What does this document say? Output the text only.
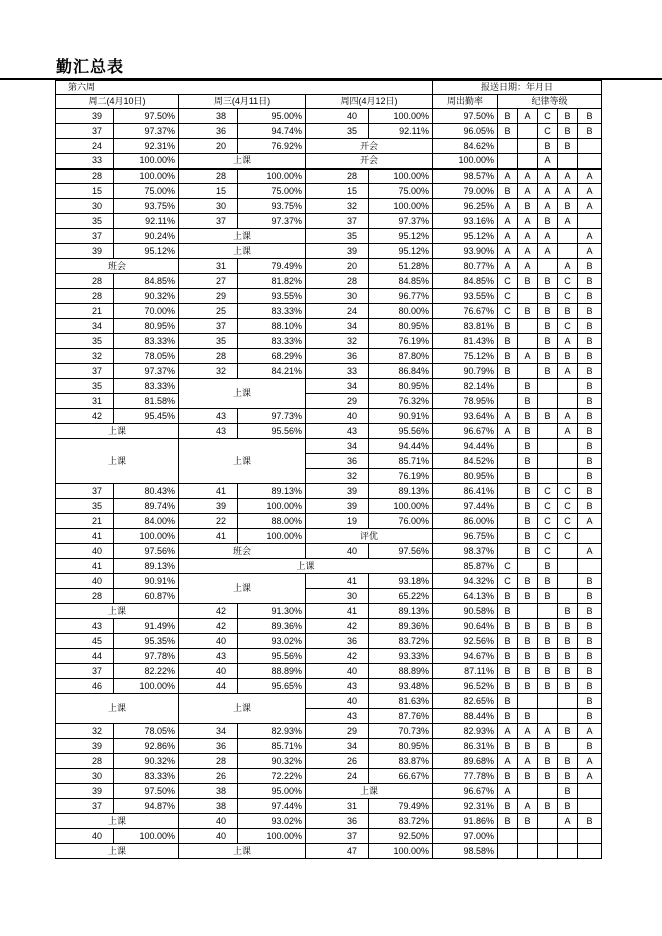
勤汇总表
第六周						报送日期：年月日					
周二(4月10日)		周三(4月11日)		周四(4月12日)		周出勤率	纪律等级				
39	97.50%	38	95.00%	40	100.00%	97.50%	B	A	C	B	B
37	97.37%	36	94.74%	35	92.11%	96.05%	B		C	B	B
24	92.31%	20	76.92%	开会		84.62%			B	B	
33	100.00%	上课		开会		100.00%			A		
28	100.00%	28	100.00%	28	100.00%	98.57%	A	A	A	A	A
15	75.00%	15	75.00%	15	75.00%	79.00%	B	A	A	A	A
30	93.75%	30	93.75%	32	100.00%	96.25%	A	B	A	B	A
35	92.11%	37	97.37%	37	97.37%	93.16%	A	A	B	A	
37	90.24%	上课		35	95.12%	95.12%	A	A	A		A
39	95.12%	上课		39	95.12%	93.90%	A	A	A		A
班会		31	79.49%	20	51.28%	80.77%	A	A		A	B
28	84.85%	27	81.82%	28	84.85%	84.85%	C	B	B	C	B
28	90.32%	29	93.55%	30	96.77%	93.55%	C		B	C	B
21	70.00%	25	83.33%	24	80.00%	76.67%	C	B	B	B	B
34	80.95%	37	88.10%	34	80.95%	83.81%	B		B	C	B
35	83.33%	35	83.33%	32	76.19%	81.43%	B		B	A	B
32	78.05%	28	68.29%	36	87.80%	75.12%	B	A	B	B	B
37	97.37%	32	84.21%	33	86.84%	90.79%	B		B	A	B
35	83.33%	上课		34	80.95%	82.14%		B			B
31	81.58%			29	76.32%	78.95%		B			B
42	95.45%	43	97.73%	40	90.91%	93.64%	A	B	B	A	B
上课		43	95.56%	43	95.56%	96.67%	A	B		A	B
上课		上课		34	94.44%	94.44%		B			B
				36	85.71%	84.52%		B			B
				32	76.19%	80.95%		B			B
37	80.43%	41	89.13%	39	89.13%	86.41%		B	C	C	B
35	89.74%	39	100.00%	39	100.00%	97.44%		B	C	C	B
21	84.00%	22	88.00%	19	76.00%	86.00%		B	C	C	A
41	100.00%	41	100.00%	评优		96.75%		B	C	C	
40	97.56%	班会		40	97.56%	98.37%		B	C		A
41	89.13%	上课				85.87%	C		B		
40	90.91%	上课		41	93.18%	94.32%	C	B	B		B
28	60.87%			30	65.22%	64.13%	B	B	B		B
上课		42	91.30%	41	89.13%	90.58%	B			B	B
43	91.49%	42	89.36%	42	89.36%	90.64%	B	B	B	B	B
45	95.35%	40	93.02%	36	83.72%	92.56%	B	B	B	B	B
44	97.78%	43	95.56%	42	93.33%	94.67%	B	B	B	B	B
37	82.22%	40	88.89%	40	88.89%	87.11%	B	B	B	B	B
46	100.00%	44	95.65%	43	93.48%	96.52%	B	B	B	B	B
上课		上课		40	81.63%	82.65%	B				B
				43	87.76%	88.44%	B	B			B
32	78.05%	34	82.93%	29	70.73%	82.93%	A	A	A	B	A
39	92.86%	36	85.71%	34	80.95%	86.31%	B	B	B		B
28	90.32%	28	90.32%	26	83.87%	89.68%	A	A	B	B	A
30	83.33%	26	72.22%	24	66.67%	77.78%	B	B	B	B	A
39	97.50%	38	95.00%	上课		96.67%	A			B	
37	94.87%	38	97.44%	31	79.49%	92.31%	B	A	B	B	
上课		40	93.02%	36	83.72%	91.86%	B	B		A	B
40	100.00%	40	100.00%	37	92.50%	97.00%					
上课		上课		47	100.00%	98.58%					
